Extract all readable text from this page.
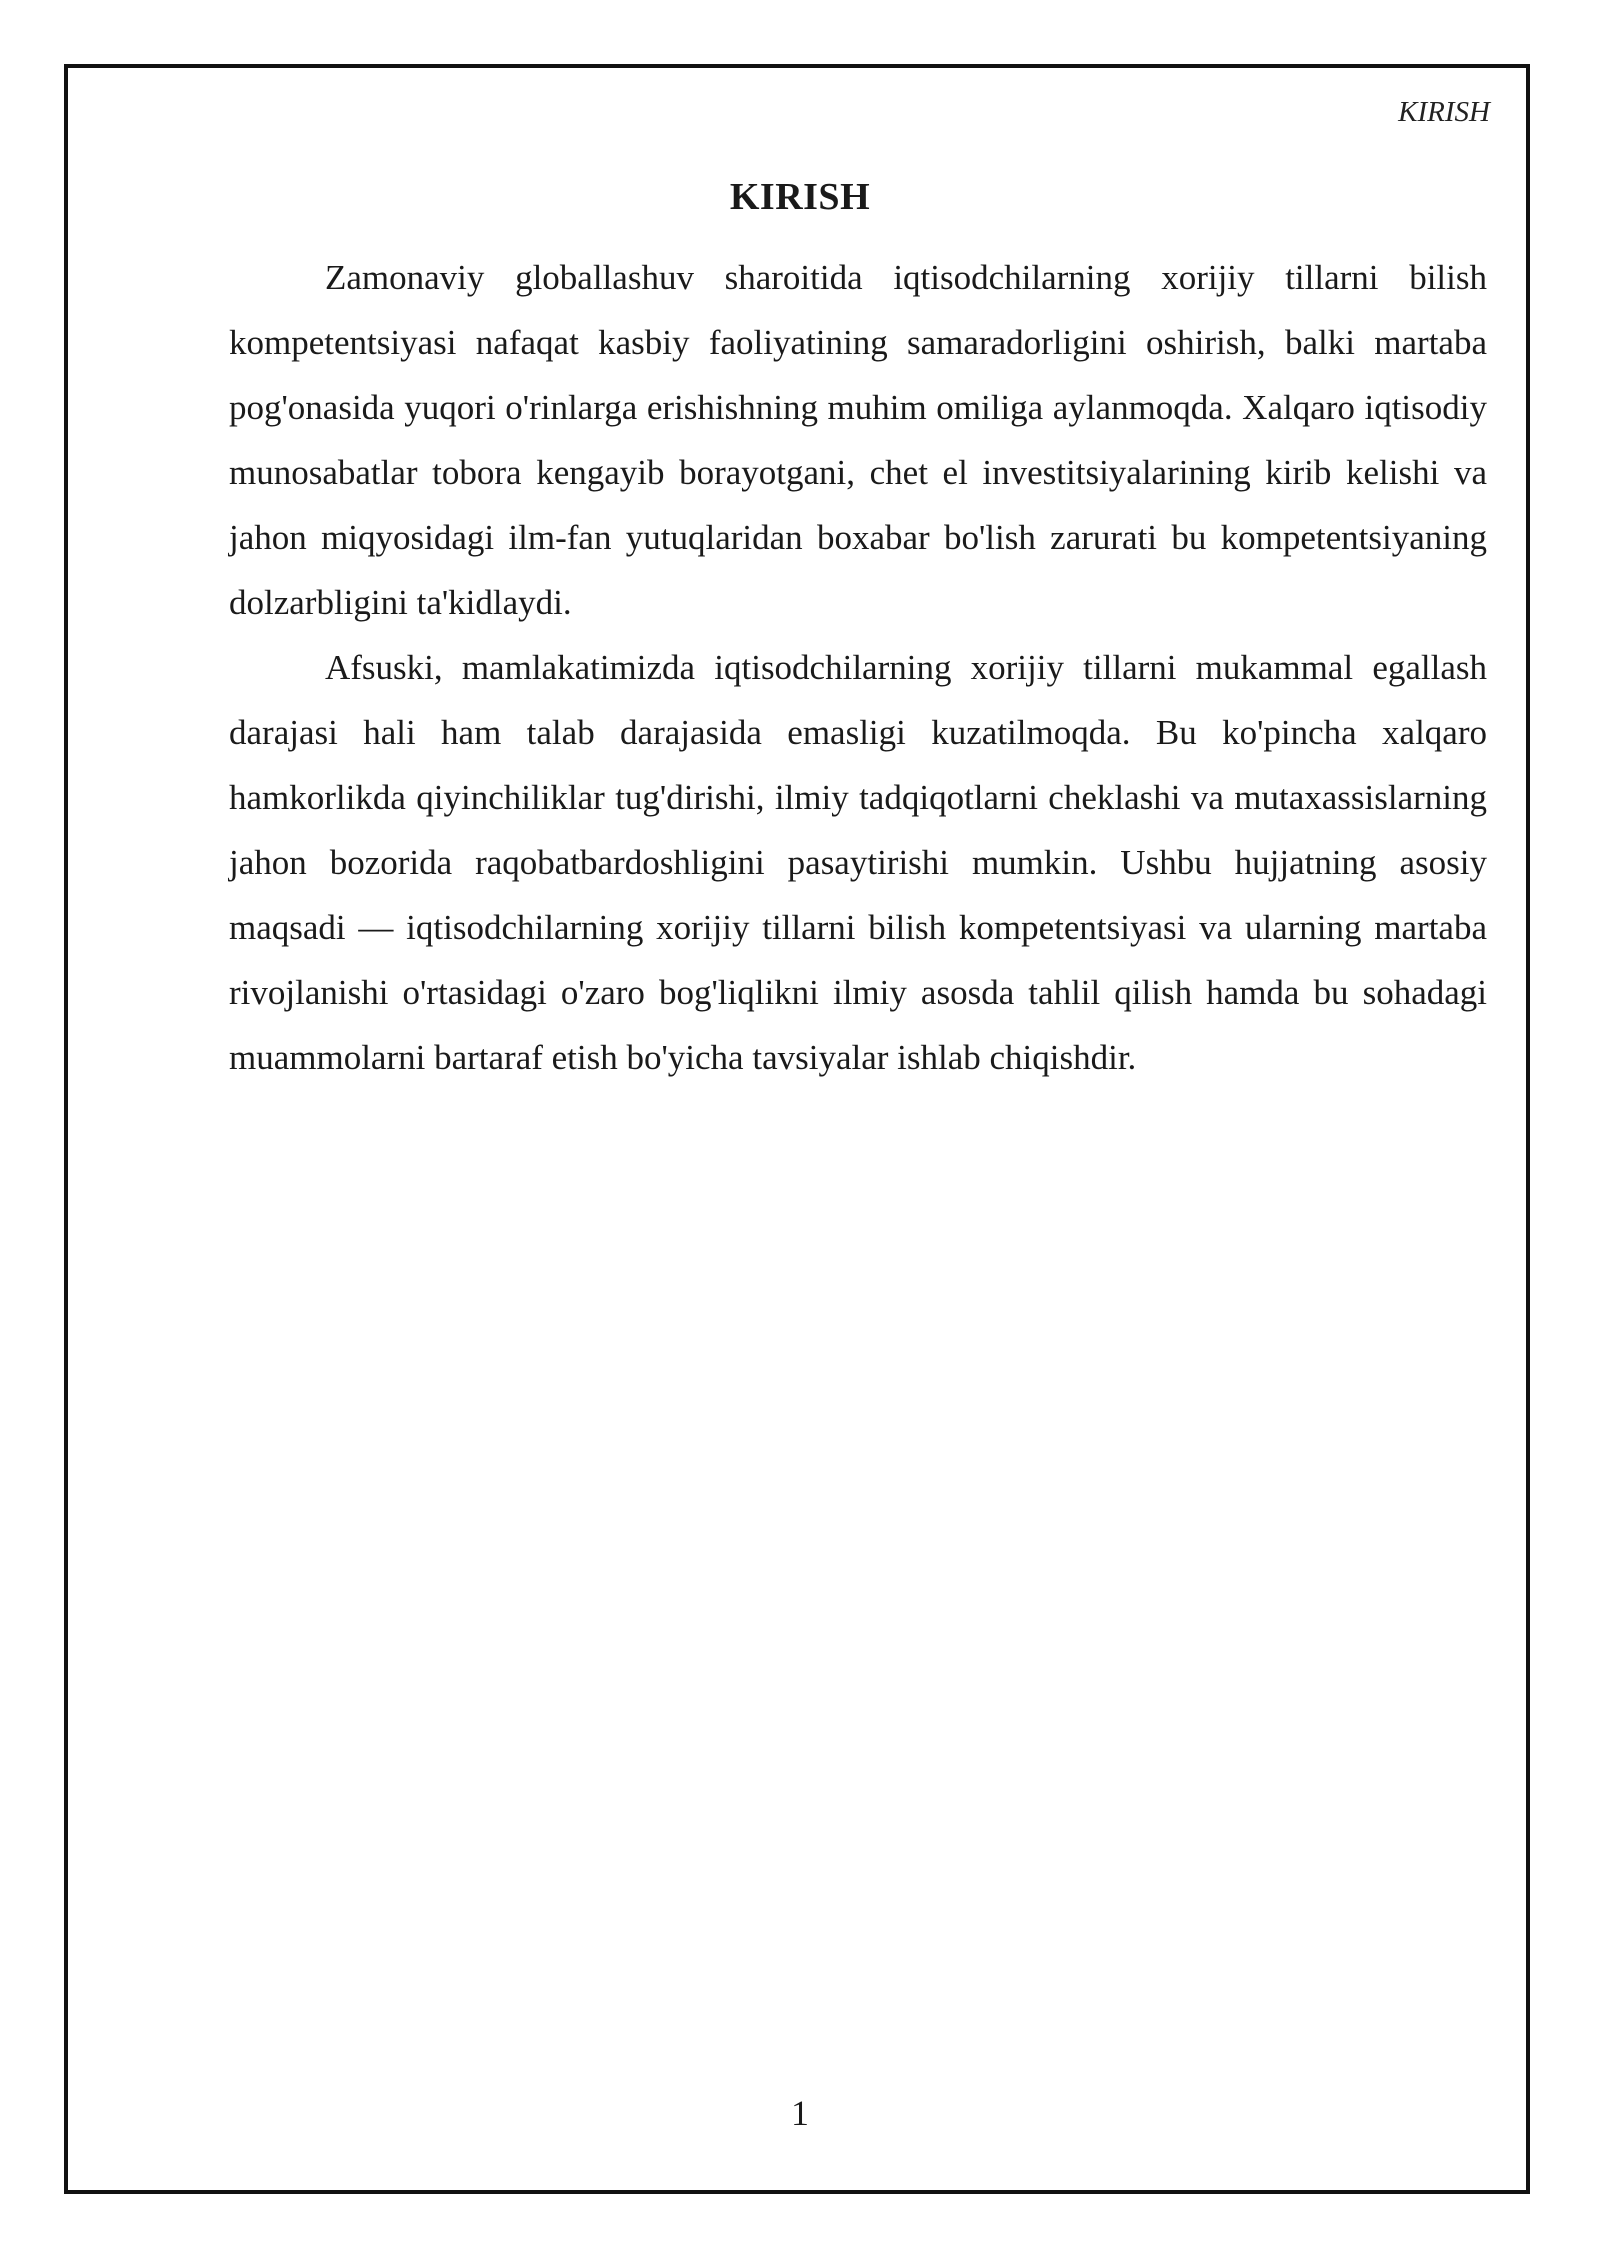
KIRISH
KIRISH

Zamonaviy globallashuv sharoitida iqtisodchilarning xorijiy tillarni bilish kompetentsiyasi nafaqat kasbiy faoliyatining samaradorligini oshirish, balki martaba pog'onasida yuqori o'rinlarga erishishning muhim omiliga aylanmoqda. Xalqaro iqtisodiy munosabatlar tobora kengayib borayotgani, chet el investitsiyalarining kirib kelishi va jahon miqyosidagi ilm-fan yutuqlaridan boxabar bo'lish zarurati bu kompetentsiyaning dolzarbligini ta'kidlaydi.

Afsuski, mamlakatimizda iqtisodchilarning xorijiy tillarni mukammal egallash darajasi hali ham talab darajasida emasligi kuzatilmoqda. Bu ko'pincha xalqaro hamkorlikda qiyinchiliklar tug'dirishi, ilmiy tadqiqotlarni cheklashi va mutaxassislarning jahon bozorida raqobatbardoshligini pasaytirishi mumkin. Ushbu hujjatning asosiy maqsadi — iqtisodchilarning xorijiy tillarni bilish kompetentsiyasi va ularning martaba rivojlanishi o'rtasidagi o'zaro bog'liqlikni ilmiy asosda tahlil qilish hamda bu sohadagi muammolarni bartaraf etish bo'yicha tavsiyalar ishlab chiqishdir.

1
